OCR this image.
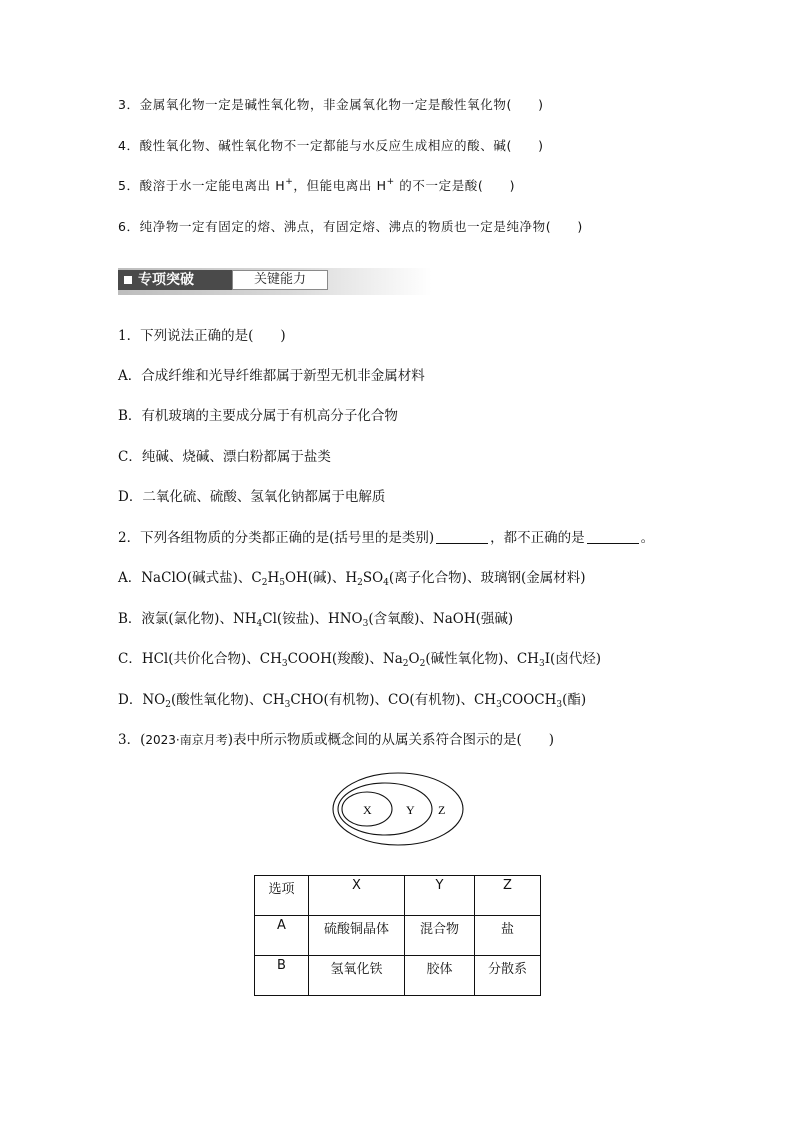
3．金属氧化物一定是碱性氧化物，非金属氧化物一定是酸性氧化物(　　)
4．酸性氧化物、碱性氧化物不一定都能与水反应生成相应的酸、碱(　　)
5．酸溶于水一定能电离出 H+，但能电离出 H+ 的不一定是酸(　　)
6．纯净物一定有固定的熔、沸点，有固定熔、沸点的物质也一定是纯净物(　　)
专项突破	关键能力
1．下列说法正确的是(　　)
A．合成纤维和光导纤维都属于新型无机非金属材料
B．有机玻璃的主要成分属于有机高分子化合物
C．纯碱、烧碱、漂白粉都属于盐类
D．二氧化硫、硫酸、氢氧化钠都属于电解质
2．下列各组物质的分类都正确的是(括号里的是类别)	，都不正确的是	。
A．NaClO(碱式盐)、$C_2H_5OH$(碱)、$H_2SO_4$(离子化合物)、玻璃钢(金属材料)
B．液氯(氯化物)、$NH_4Cl$(铵盐)、$HNO_3$(含氧酸)、NaOH(强碱)
C．HCl(共价化合物)、$CH_3COOH$(羧酸)、$Na_2O_2$(碱性氧化物)、$CH_3I$(卤代烃)
D．$NO_2$(酸性氧化物)、$CH_3CHO$(有机物)、CO(有机物)、$CH_3COOCH_3$(酯)
3．(2023·南京月考)表中所示物质或概念间的从属关系符合图示的是(　　)
X	Y Z
选项	X	Y	Z
A	硫酸铜晶体	混合物	盐
B	氢氧化铁	胶体	分散系
